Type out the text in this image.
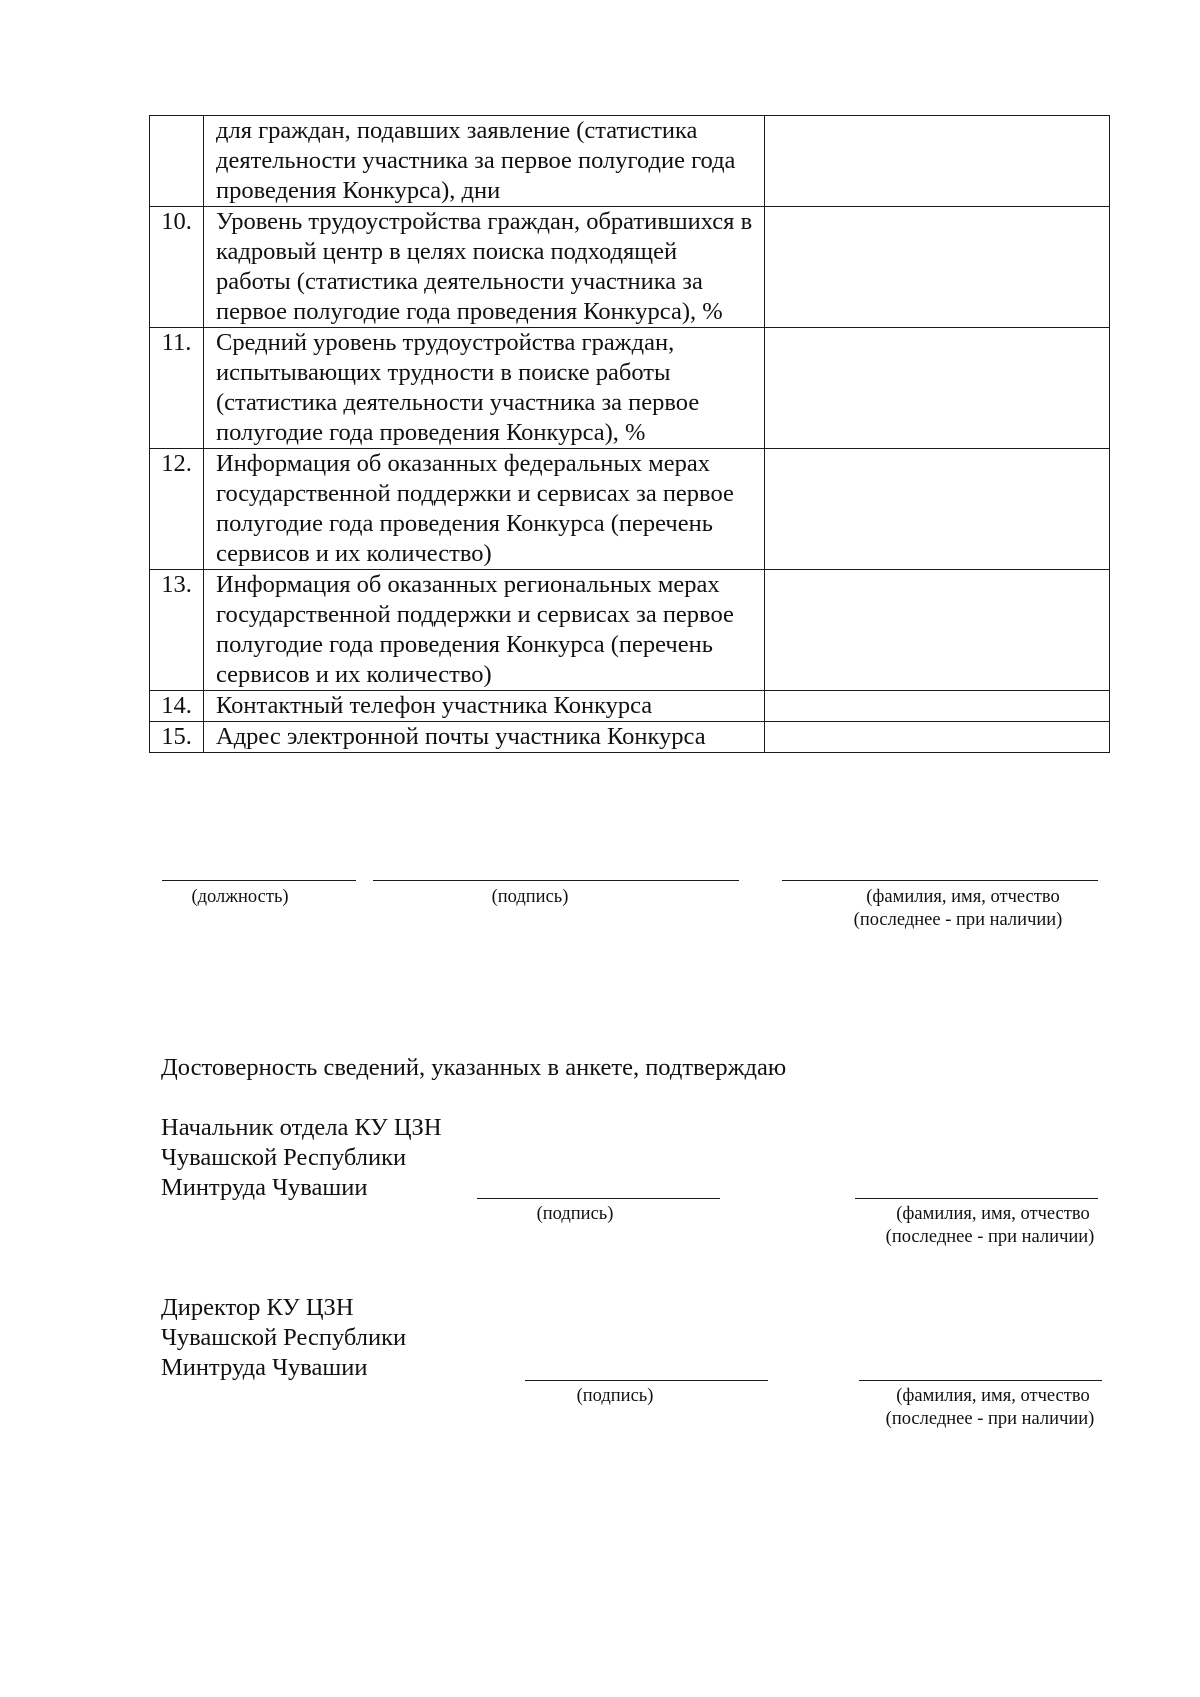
	для граждан, подавших заявление (статистика деятельности участника за первое полугодие года проведения Конкурса), дни	
10.	Уровень трудоустройства граждан, обратившихся в кадровый центр в целях поиска подходящей работы (статистика деятельности участника за первое полугодие года проведения Конкурса), %	
11.	Средний уровень трудоустройства граждан, испытывающих трудности в поиске работы (статистика деятельности участника за первое полугодие года проведения Конкурса), %	
12.	Информация об оказанных федеральных мерах государственной поддержки и сервисах за первое полугодие года проведения Конкурса (перечень сервисов и их количество)	
13.	Информация об оказанных региональных мерах государственной поддержки и сервисах за первое полугодие года проведения Конкурса (перечень сервисов и их количество)	
14.	Контактный телефон участника Конкурса	
15.	Адрес электронной почты участника Конкурса	
(должность)	(подпись)	(фамилия, имя, отчество
(последнее - при наличии)
Достоверность сведений, указанных в анкете, подтверждаю
Начальник отдела КУ ЦЗН
Чувашской Республики
Минтруда Чувашии
(подпись)	(фамилия, имя, отчество
(последнее - при наличии)
Директор КУ ЦЗН
Чувашской Республики
Минтруда Чувашии
(подпись)	(фамилия, имя, отчество
(последнее - при наличии)
